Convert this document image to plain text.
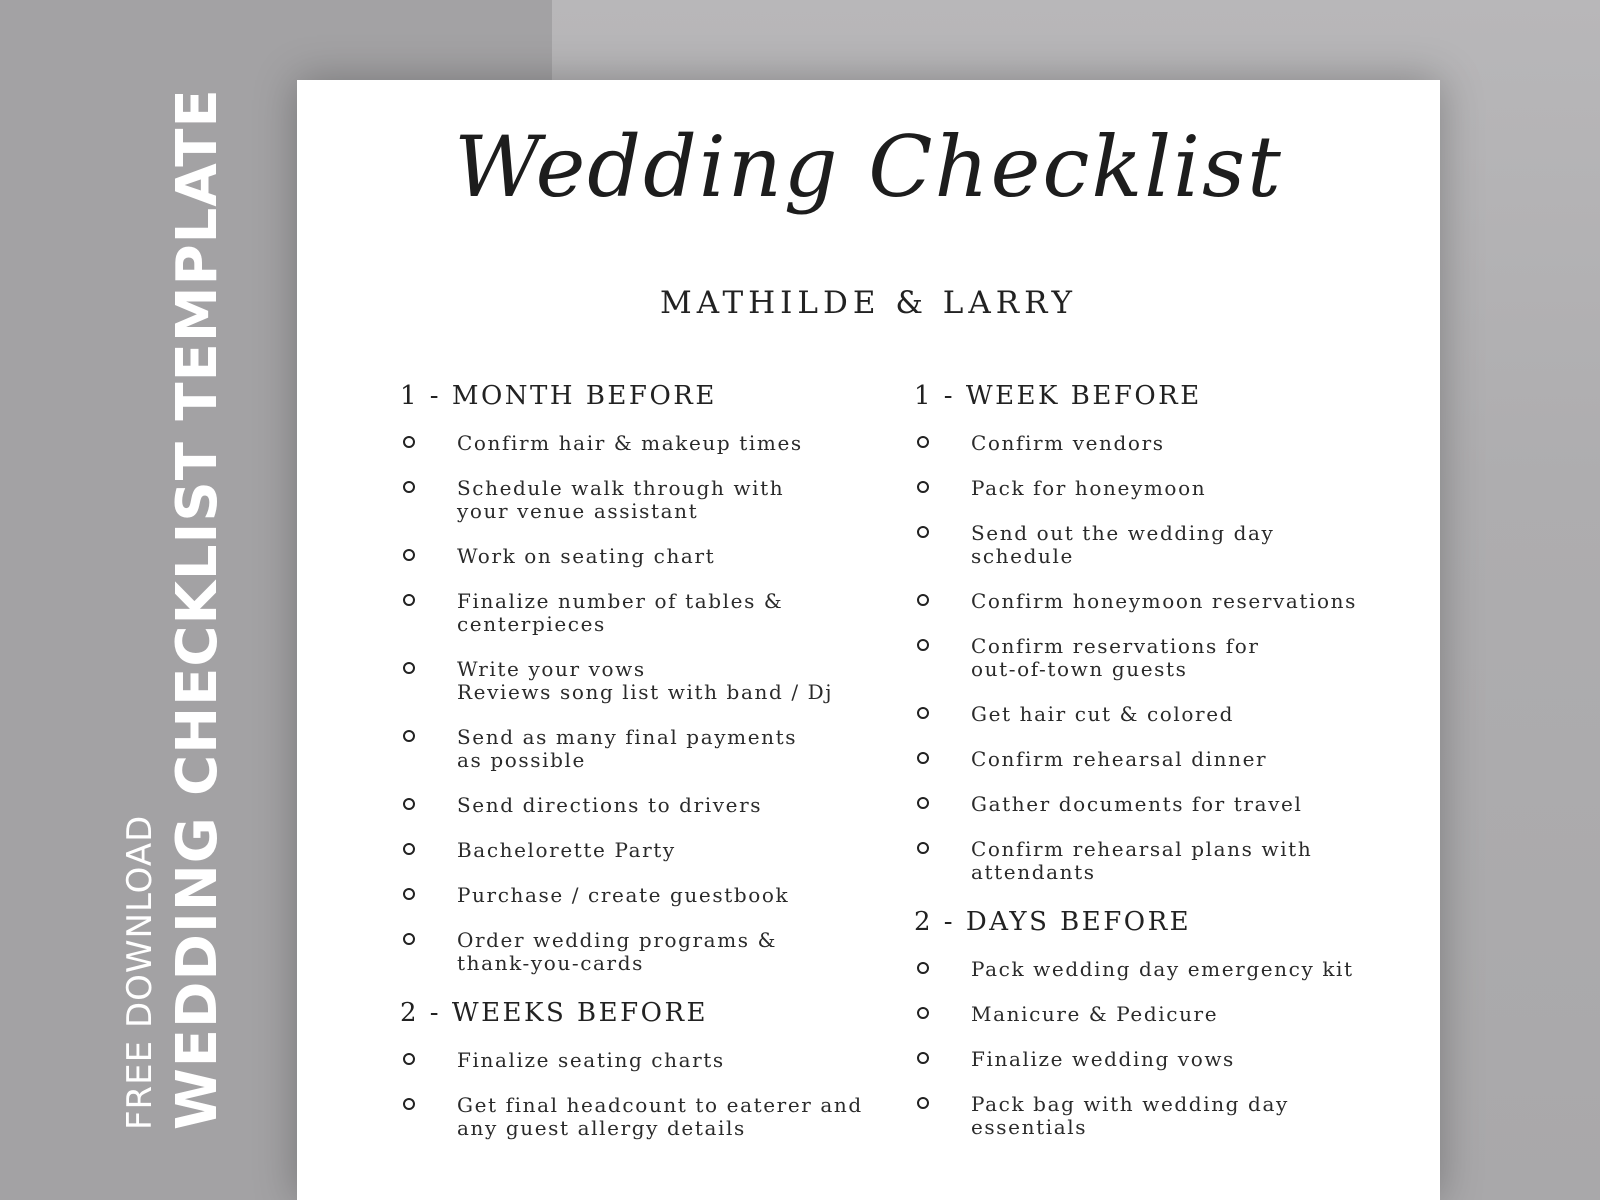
FREE DOWNLOAD WEDDING CHECKLIST TEMPLATE	Wedding Checklist
MATHILDE & LARRY
1 - MONTH BEFORE
Confirm hair & makeup times
Schedule walk through with
your venue assistant
Work on seating chart
Finalize number of tables &
centerpieces
Write your vows
Reviews song list with band / Dj
Send as many final payments
as possible
Send directions to drivers
Bachelorette Party
Purchase / create guestbook
Order wedding programs &
thank-you-cards
2 - WEEKS BEFORE
Finalize seating charts
Get final headcount to eaterer and
any guest allergy details
1 - WEEK BEFORE
Confirm vendors
Pack for honeymoon
Send out the wedding day
schedule
Confirm honeymoon reservations
Confirm reservations for
out-of-town guests
Get hair cut & colored
Confirm rehearsal dinner
Gather documents for travel
Confirm rehearsal plans with
attendants
2 - DAYS BEFORE
Pack wedding day emergency kit
Manicure & Pedicure
Finalize wedding vows
Pack bag with wedding day
essentials
